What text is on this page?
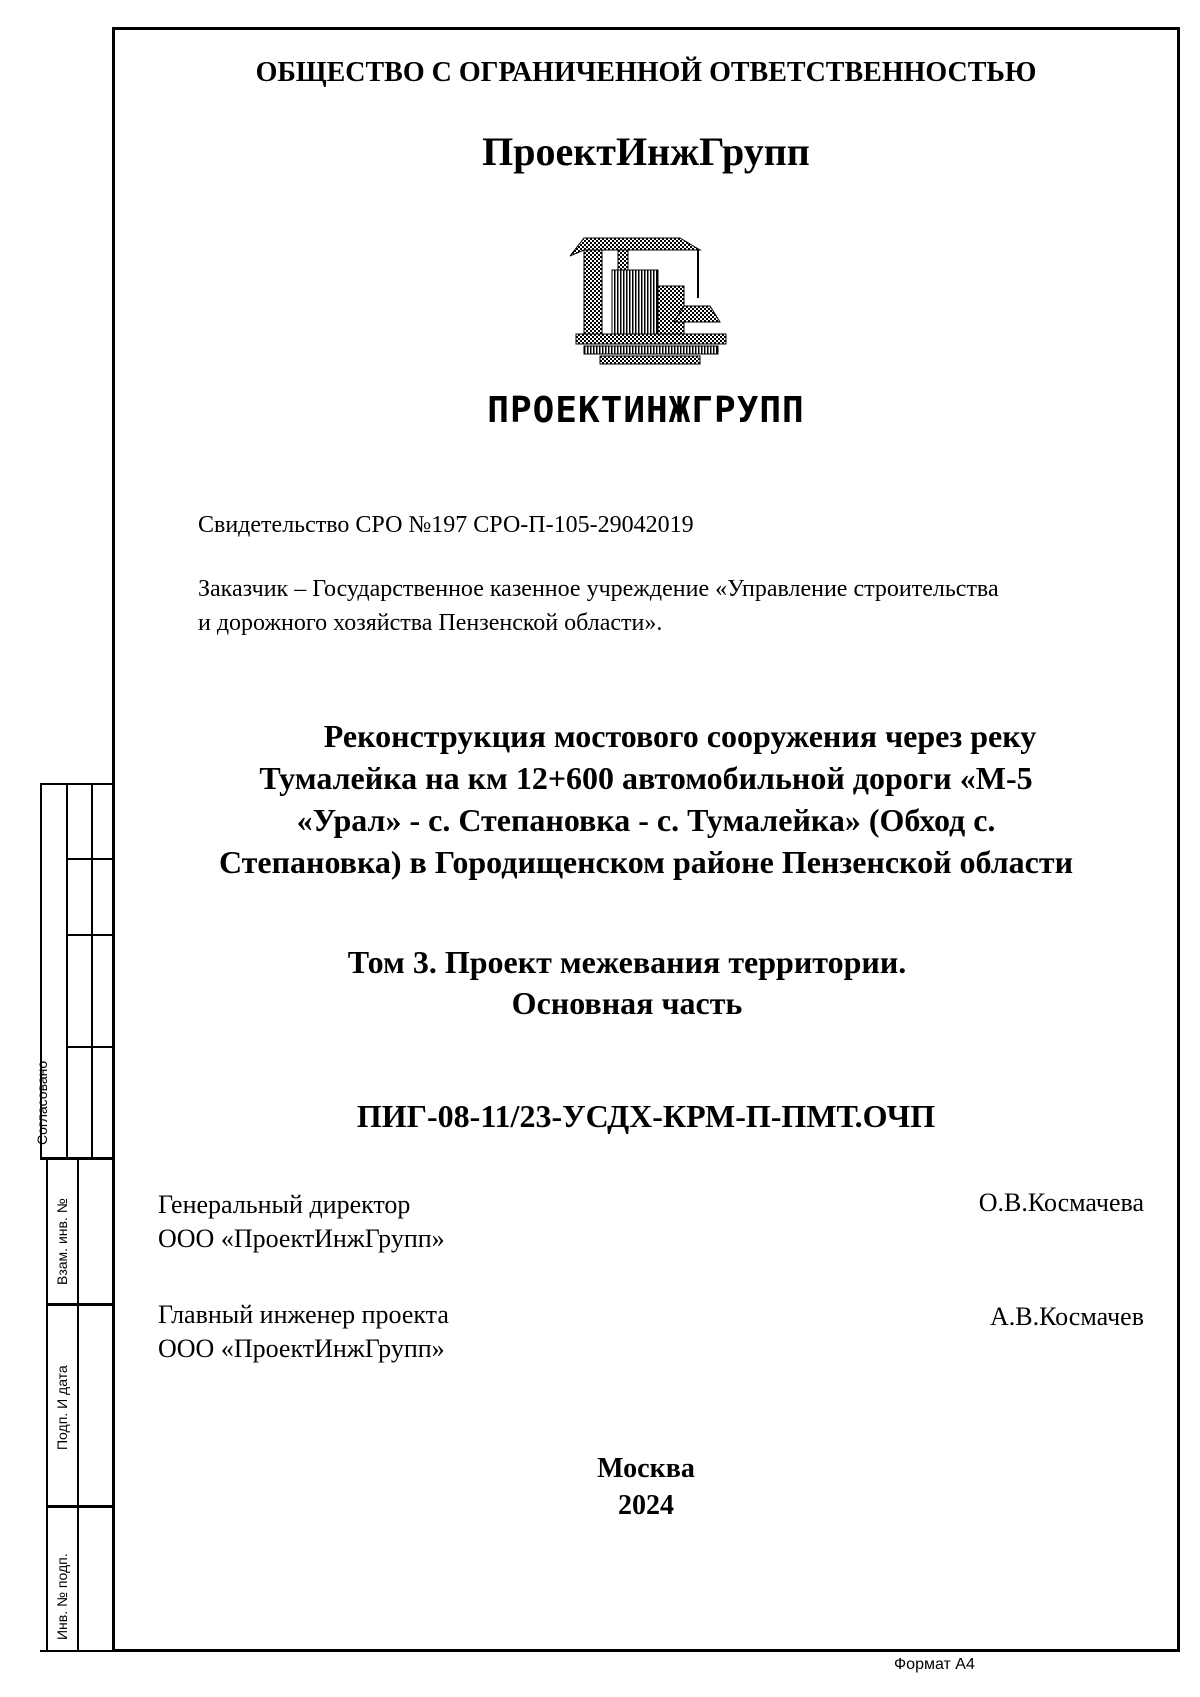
Согласовано
Взам. инв. №
Подп. И дата
Инв. № подп.
ОБЩЕСТВО С ОГРАНИЧЕННОЙ ОТВЕТСТВЕННОСТЬЮ
ПроектИнжГрупп
ПРОЕКТИНЖГРУПП
Свидетельство СРО №197 СРО-П-105-29042019
Заказчик – Государственное казенное учреждение «Управление строительства
и дорожного хозяйства Пензенской области».
Реконструкция мостового сооружения через реку
Тумалейка на км 12+600 автомобильной дороги «М-5
«Урал» - с. Степановка - с. Тумалейка» (Обход с.
Степановка) в Городищенском районе Пензенской области
Том 3. Проект межевания территории.
Основная часть
ПИГ-08-11/23-УСДХ-КРМ-П-ПМТ.ОЧП
Генеральный директор
ООО «ПроектИнжГрупп»
О.В.Космачева
Главный инженер проекта
ООО «ПроектИнжГрупп»
А.В.Космачев
Москва
2024
Формат А4
